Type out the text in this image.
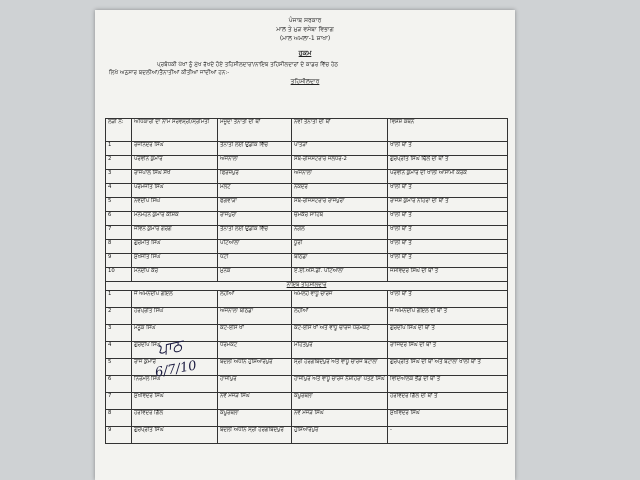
ਪੰਜਾਬ ਸਰਕਾਰ
ਮਾਲ ਤੇ ਮੁੜ ਵਸੇਬਾ ਵਿਭਾਗ
(ਮਾਲ ਅਮਲਾ-1 ਸ਼ਾਖਾ)
ਹੁਕਮ
ਪ੍ਰਬੰਧਕੀ ਪੱਖਾਂ ਨੂੰ ਮੁੱਖ ਰੱਖਦੇ ਹੋਏ ਤਹਿਸੀਲਦਾਰਾਂ/ਨਾਇਬ ਤਹਿਸੀਲਦਾਰਾਂ ਦੇ ਕਾਡਰ ਵਿੱਚ ਹੇਠ
ਲਿਖੇ ਅਨੁਸਾਰ ਬਦਲੀਆਂ/ਤੈਨਾਤੀਆਂ ਕੀਤੀਆਂ ਜਾਂਦੀਆਂ ਹਨ:-
ਤਹਿਸੀਲਦਾਰ
ਲੜੀ ਨੰ:	ਅਧਿਕਾਰੀ ਦਾ ਨਾਮ ਸਰਵਸ਼੍ਰੀ/ਸ੍ਰੀਮਤੀ	ਮੌਜੂਦਾ ਤੈਨਾਤੀ ਦੀ ਥਾਂ	ਨਵੀਂ ਤੈਨਾਤੀ ਦੀ ਥਾਂ	ਵਿਸ਼ੇਸ਼ ਕਥਨ
1	ਰਜਨਿੰਦਰ ਸਿੰਘ	ਤੈਨਾਤੀ ਲਈ ਉਡੀਕ ਵਿੱਚ	ਪਾਤੜਾਂ	ਖਾਲੀ ਥਾਂ ਤੇ
2	ਪਰਵੀਨ ਕੁਮਾਰ	ਅਜਨਾਲਾ	ਸਬ-ਰਜਿਸਟਰਾਰ ਜਲੰਧਰ-2	ਗੁਰਪ੍ਰੀਤ ਸਿੰਘ ਢਿੱਲੋਂ ਦੀ ਥਾਂ ਤੇ
3	ਰਾਜਪਾਲ ਸਿੰਘ ਸੇਖੋਂ	ਫਿਰੋਜ਼ਪੁਰ	ਅਜਨਾਲਾ	ਪਰਵੀਨ ਕੁਮਾਰ ਦੀ ਖਾਲੀ ਆਸਾਮੀ ਕਰਕੇ
4	ਪਰਮਜੀਤ ਸਿੰਘ	ਮਲੋਟ	ਨਕੋਦਰ	ਖਾਲੀ ਥਾਂ ਤੇ
5	ਨਵਦੀਪ ਸਿੰਘ	ਫਗਵਾੜਾ	ਸਬ-ਰਜਿਸਟਰਾਰ ਰਾਜਪੁਰਾ	ਰਾਜੇਸ਼ ਕੁਮਾਰ ਨਹਿਰਾ ਦੀ ਥਾਂ ਤੇ
6	ਮਨਮੋਹਨ ਕੁਮਾਰ ਕੌਸ਼ਿਕ	ਰਾਜਪੁਰਾ	ਚਮਕੌਰ ਸਾਹਿਬ	ਖਾਲੀ ਥਾਂ ਤੇ
7	ਜੀਵਨ ਕੁਮਾਰ ਗਰਗ	ਤੈਨਾਤੀ ਲਈ ਉਡੀਕ ਵਿੱਚ	ਨੰਗਲ	ਖਾਲੀ ਥਾਂ ਤੇ
8	ਗੁਰਮੀਤ ਸਿੰਘ	ਪਟਿਆਲਾ	ਧੂਰੀ	ਖਾਲੀ ਥਾਂ ਤੇ
9	ਸੁਖਜੀਤ ਸਿੰਘ	ਪੱਟੀ	ਬਠਿੰਡਾ	ਖਾਲੀ ਥਾਂ ਤੇ
10	ਮਨਦੀਪ ਕੌਰ	ਮੁਨਕ	ਏ.ਈ.ਐਸ.ਡੀ. ਪਟਿਆਲਾ	ਜਸਵਿੰਦਰ ਸਿੰਘ ਦੀ ਥਾਂ ਤੇ
ਨਾਇਬ ਤਹਿਸੀਲਦਾਰ				
1	ਜੇ ਅਮਨਦੀਪ ਗੋਇਲ	ਲੋਹੀਆਂ	ਅਮਲੋਹ ਵਾਧੂ ਚਾਰਜ	ਖਾਲੀ ਥਾਂ ਤੇ
2	ਹਰਪ੍ਰੀਤ ਸਿੰਘ	ਅਜਨਾਲਾ ਬਠਿੰਡਾ	ਲੋਹੀਆਂ	ਜੇ ਅਮਨਦੀਪ ਗੋਇਲ ਦੀ ਥਾਂ ਤੇ
3	ਮਨੂਕ ਸਿੰਘ	ਕੋਟ-ਈਸੇ ਖਾਂ	ਕੋਟ-ਈਸੇ ਖਾਂ ਅਤੇ ਵਾਧੂ ਚਾਰਜ ਧਰਮਕੋਟ	ਗੁਰਦੀਪ ਸਿੰਘ ਦੀ ਥਾਂ ਤੇ
4	ਗੁਰਦੀਪ ਸਿੰਘ	ਧਰਮਕੋਟ	ਮਹਿਤਪੁਰ	ਰਾਜਿੰਦਰ ਸਿੰਘ ਦੀ ਥਾਂ ਤੇ
5	ਰਾਜ ਕੁਮਾਰ	ਬਦਲੀ ਅਧੀਨ ਹੁਸ਼ਿਆਰਪੁਰ	ਸ੍ਰੀ ਹਰਗੋਬਿੰਦਪੁਰ ਅਤੇ ਵਾਧੂ ਚਾਰਜ ਬਟਾਲਾ	ਗੁਰਪ੍ਰੀਤ ਸਿੰਘ ਦੀ ਥਾਂ ਅਤੇ ਬਟਾਲਾ ਖਾਲੀ ਥਾਂ ਤੇ
6	ਨਿਰਮਲ ਸਿੰਘ	ਹਾਜੀਪੁਰ	ਹਾਜੀਪੁਰ ਅਤੇ ਵਾਧੂ ਚਾਰਜ ਨੌਸ਼ਹਿਰਾ ਪੱਤਣ ਸਿੰਘ	ਵਿਦਿਆਲੋਕ ਭੌਂਡ ਦੀ ਥਾਂ ਤੇ
7	ਸੁਖਵਿੰਦਰ ਸਿੰਘ	ਨਵੇਂ ਮੌਜੜ ਸਿੰਘ	ਕਪੂਰਥਲਾ	ਹਰਵਿੰਦਰ ਗਿੱਲ ਦੀ ਥਾਂ ਤੇ
8	ਹਰਵਿੰਦਰ ਗਿੱਲ	ਕਪੂਰਥਲਾ	ਨਵੇਂ ਮੌਜੜ ਸਿੰਘ	ਸੁਖਵਿੰਦਰ ਸਿੰਘ
9	ਗੁਰਪ੍ਰੀਤ ਸਿੰਘ	ਬਦਲੀ ਅਧੀਨ ਸ੍ਰੀ ਹਰਗੋਬਿੰਦਪੁਰ	ਹੁਸ਼ਿਆਰਪੁਰ	-
ਪਾਠ
6/7/10
